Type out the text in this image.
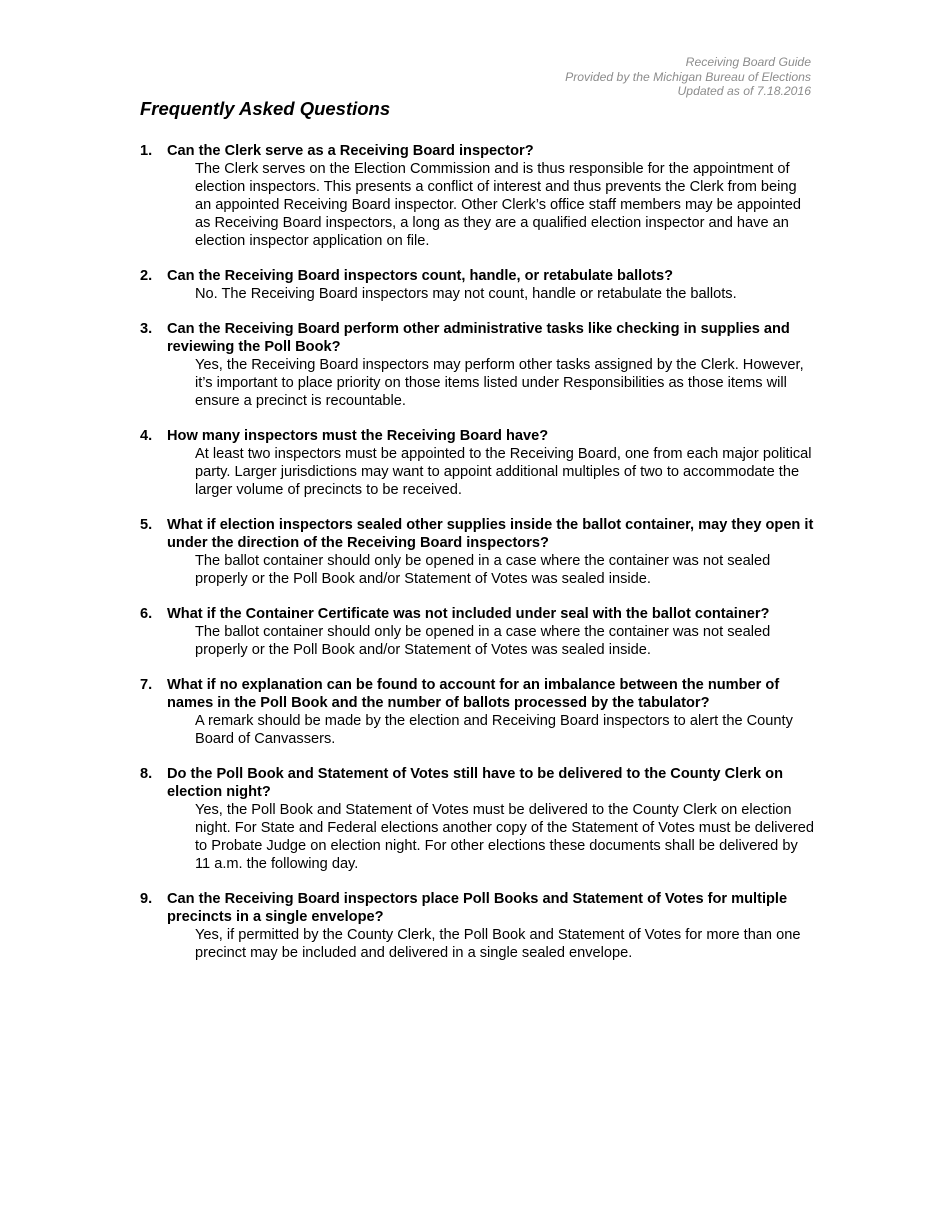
Receiving Board Guide
Provided by the Michigan Bureau of Elections
Updated as of 7.18.2016
Frequently Asked Questions
1.	Can the Clerk serve as a Receiving Board inspector?
The Clerk serves on the Election Commission and is thus responsible for the appointment of election inspectors. This presents a conflict of interest and thus prevents the Clerk from being an appointed Receiving Board inspector. Other Clerk’s office staff members may be appointed as Receiving Board inspectors, a long as they are a qualified election inspector and have an election inspector application on file.
2.	Can the Receiving Board inspectors count, handle, or retabulate ballots?
No. The Receiving Board inspectors may not count, handle or retabulate the ballots.
3.	Can the Receiving Board perform other administrative tasks like checking in supplies and reviewing the Poll Book?
Yes, the Receiving Board inspectors may perform other tasks assigned by the Clerk. However, it’s important to place priority on those items listed under Responsibilities as those items will ensure a precinct is recountable.
4.	How many inspectors must the Receiving Board have?
At least two inspectors must be appointed to the Receiving Board, one from each major political party. Larger jurisdictions may want to appoint additional multiples of two to accommodate the larger volume of precincts to be received.
5.	What if election inspectors sealed other supplies inside the ballot container, may they open it under the direction of the Receiving Board inspectors?
The ballot container should only be opened in a case where the container was not sealed properly or the Poll Book and/or Statement of Votes was sealed inside.
6.	What if the Container Certificate was not included under seal with the ballot container?
The ballot container should only be opened in a case where the container was not sealed properly or the Poll Book and/or Statement of Votes was sealed inside.
7.	What if no explanation can be found to account for an imbalance between the number of names in the Poll Book and the number of ballots processed by the tabulator?
A remark should be made by the election and Receiving Board inspectors to alert the County Board of Canvassers.
8.	Do the Poll Book and Statement of Votes still have to be delivered to the County Clerk on election night?
Yes, the Poll Book and Statement of Votes must be delivered to the County Clerk on election night. For State and Federal elections another copy of the Statement of Votes must be delivered to Probate Judge on election night. For other elections these documents shall be delivered by 11 a.m. the following day.
9.	Can the Receiving Board inspectors place Poll Books and Statement of Votes for multiple precincts in a single envelope?
Yes, if permitted by the County Clerk, the Poll Book and Statement of Votes for more than one precinct may be included and delivered in a single sealed envelope.
